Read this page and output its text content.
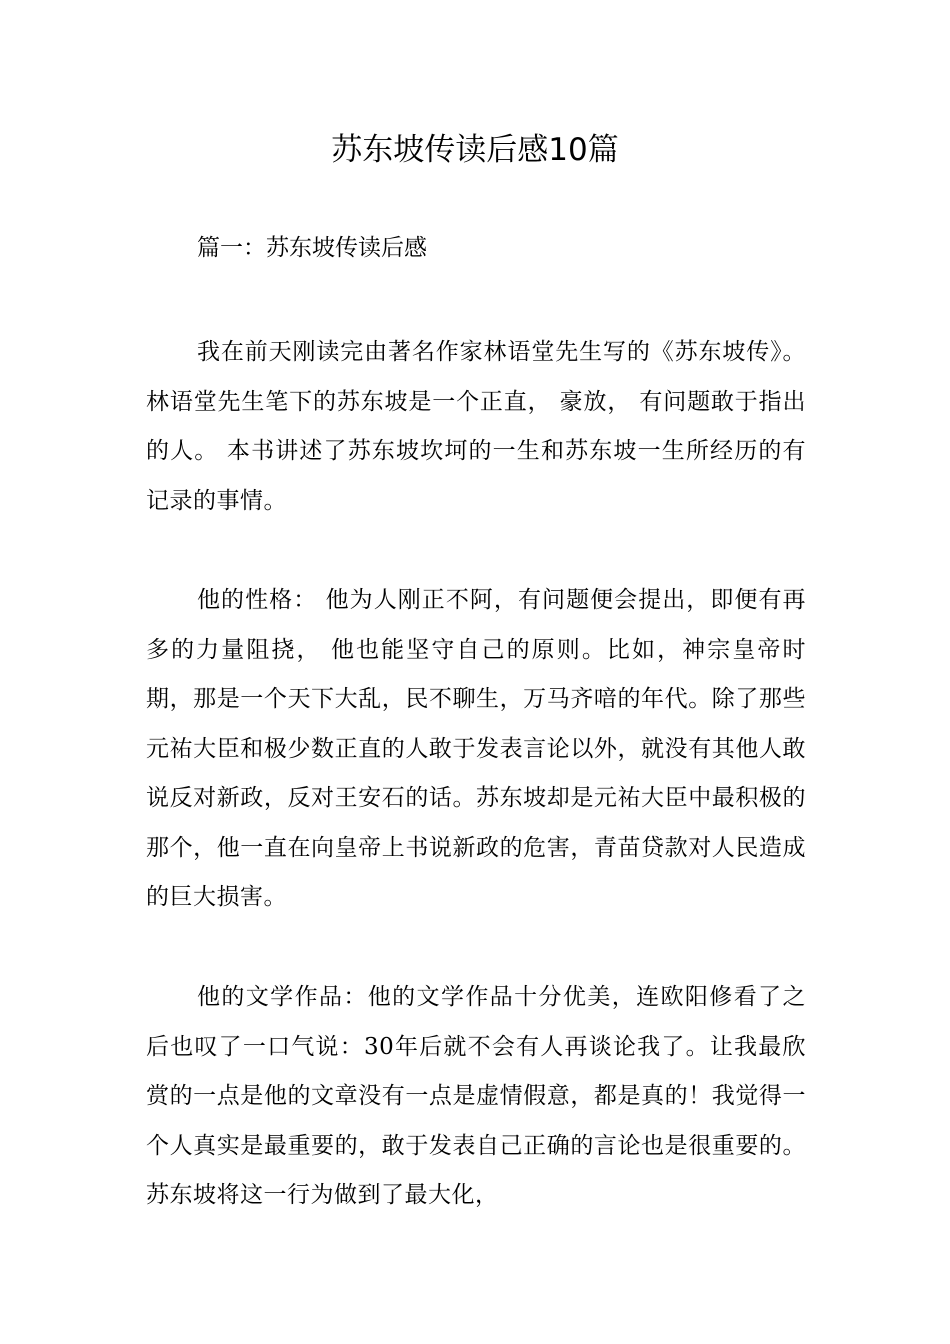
苏东坡传读后感10篇

篇一：苏东坡传读后感

我在前天刚读完由著名作家林语堂先生写的《苏东坡传》。 林语堂先生笔下的苏东坡是一个正直， 豪放， 有问题敢于指出的人。 本书讲述了苏东坡坎坷的一生和苏东坡一生所经历的有记录的事情。

他的性格： 他为人刚正不阿，有问题便会提出，即便有再多的力量阻挠， 他也能坚守自己的原则。比如，神宗皇帝时期，那是一个天下大乱，民不聊生，万马齐喑的年代。除了那些元祐大臣和极少数正直的人敢于发表言论以外，就没有其他人敢说反对新政，反对王安石的话。苏东坡却是元祐大臣中最积极的那个，他一直在向皇帝上书说新政的危害，青苗贷款对人民造成的巨大损害。

他的文学作品：他的文学作品十分优美，连欧阳修看了之后也叹了一口气说：30年后就不会有人再谈论我了。让我最欣赏的一点是他的文章没有一点是虚情假意，都是真的！我觉得一个人真实是最重要的，敢于发表自己正确的言论也是很重要的。苏东坡将这一行为做到了最大化，
